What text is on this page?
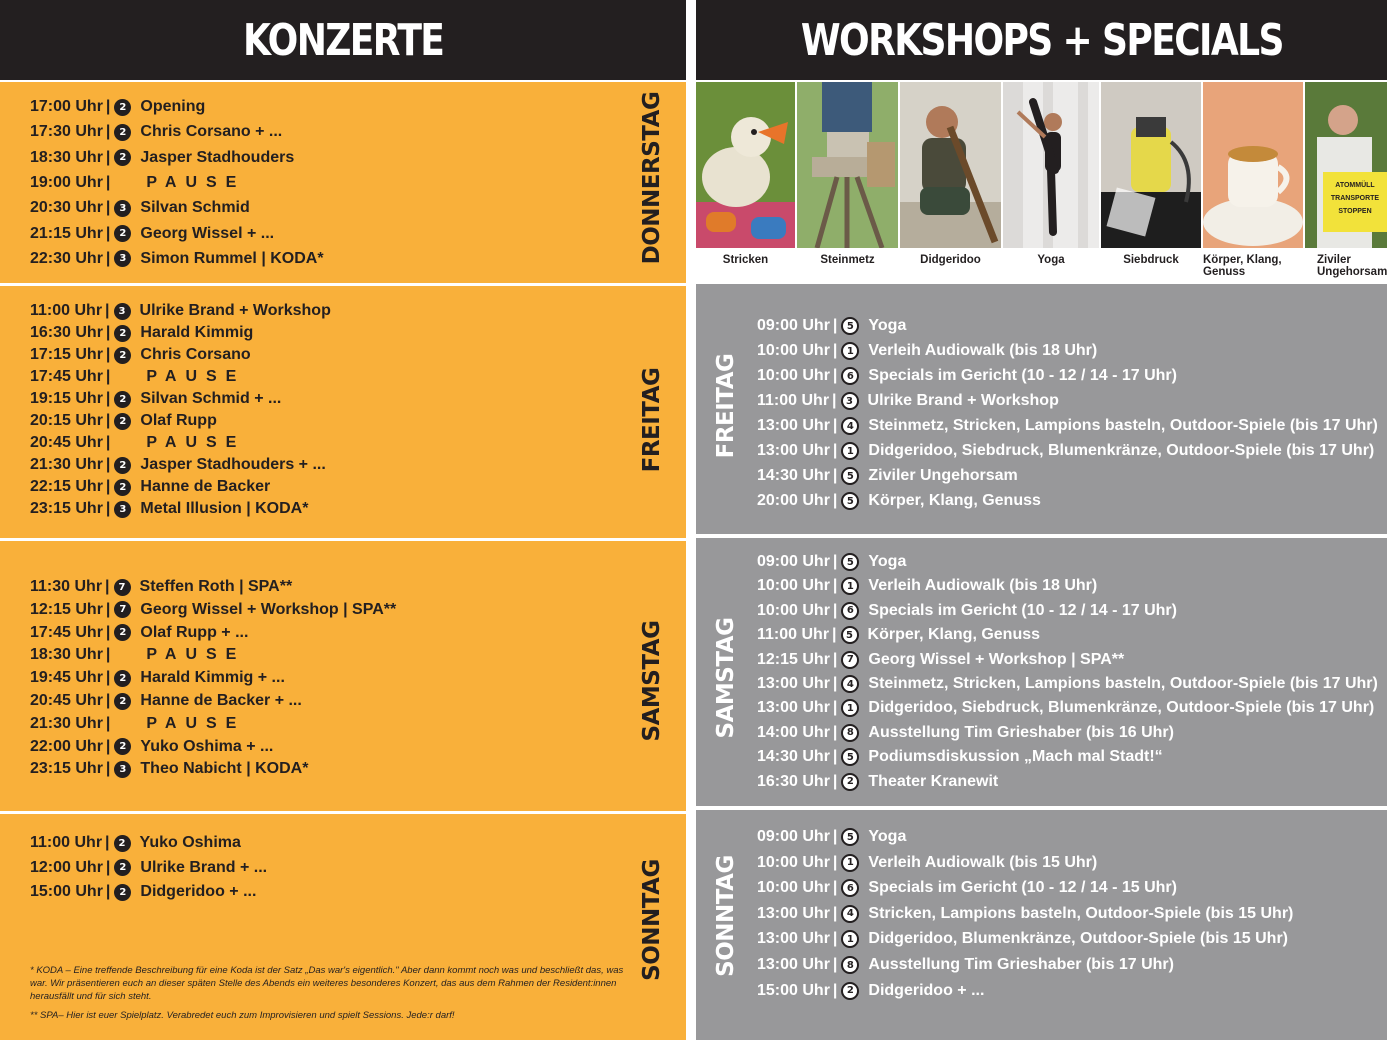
KONZERTE
DONNERSTAG
17:00 Uhr | 2 Opening
17:30 Uhr | 2 Chris Corsano + ...
18:30 Uhr | 2 Jasper Stadhouders
19:00 Uhr | PAUSE
20:30 Uhr | 3 Silvan Schmid
21:15 Uhr | 2 Georg Wissel + ...
22:30 Uhr | 3 Simon Rummel | KODA*
FREITAG
11:00 Uhr | 3 Ulrike Brand + Workshop
16:30 Uhr | 2 Harald Kimmig
17:15 Uhr | 2 Chris Corsano
17:45 Uhr | PAUSE
19:15 Uhr | 2 Silvan Schmid + ...
20:15 Uhr | 2 Olaf Rupp
20:45 Uhr | PAUSE
21:30 Uhr | 2 Jasper Stadhouders + ...
22:15 Uhr | 2 Hanne de Backer
23:15 Uhr | 3 Metal Illusion | KODA*
SAMSTAG
11:30 Uhr | 7 Steffen Roth | SPA**
12:15 Uhr | 7 Georg Wissel + Workshop | SPA**
17:45 Uhr | 2 Olaf Rupp + ...
18:30 Uhr | PAUSE
19:45 Uhr | 2 Harald Kimmig + ...
20:45 Uhr | 2 Hanne de Backer + ...
21:30 Uhr | PAUSE
22:00 Uhr | 2 Yuko Oshima + ...
23:15 Uhr | 3 Theo Nabicht | KODA*
SONNTAG
11:00 Uhr | 2 Yuko Oshima
12:00 Uhr | 2 Ulrike Brand + ...
15:00 Uhr | 2 Didgeridoo + ...
* KODA – Eine treffende Beschreibung für eine Koda ist der Satz „Das war's eigentlich." Aber dann kommt noch was und beschließt das, was war. Wir präsentieren euch an dieser späten Stelle des Abends ein weiteres besonderes Konzert, das aus dem Rahmen der Resident:innen herausfällt und für sich steht.
** SPA– Hier ist euer Spielplatz. Verabredet euch zum Improvisieren und spielt Sessions. Jede:r darf!
WORKSHOPS + SPECIALS
Stricken	Steinmetz	Didgeridoo	Yoga	Siebdruck	Körper, Klang, Genuss
ATOMMÜLL
TRANSPORTE
STOPPEN
Ziviler Ungehorsam
FREITAG
09:00 Uhr | 5 Yoga
10:00 Uhr | 1 Verleih Audiowalk (bis 18 Uhr)
10:00 Uhr | 6 Specials im Gericht (10 - 12 / 14 - 17 Uhr)
11:00 Uhr | 3 Ulrike Brand + Workshop
13:00 Uhr | 4 Steinmetz, Stricken, Lampions basteln, Outdoor-Spiele (bis 17 Uhr)
13:00 Uhr | 1 Didgeridoo, Siebdruck, Blumenkränze, Outdoor-Spiele (bis 17 Uhr)
14:30 Uhr | 5 Ziviler Ungehorsam
20:00 Uhr | 5 Körper, Klang, Genuss
SAMSTAG
09:00 Uhr | 5 Yoga
10:00 Uhr | 1 Verleih Audiowalk (bis 18 Uhr)
10:00 Uhr | 6 Specials im Gericht (10 - 12 / 14 - 17 Uhr)
11:00 Uhr | 5 Körper, Klang, Genuss
12:15 Uhr | 7 Georg Wissel + Workshop | SPA**
13:00 Uhr | 4 Steinmetz, Stricken, Lampions basteln, Outdoor-Spiele (bis 17 Uhr)
13:00 Uhr | 1 Didgeridoo, Siebdruck, Blumenkränze, Outdoor-Spiele (bis 17 Uhr)
14:00 Uhr | 8 Ausstellung Tim Grieshaber (bis 16 Uhr)
14:30 Uhr | 5 Podiumsdiskussion „Mach mal Stadt!“
16:30 Uhr | 2 Theater Kranewit
SONNTAG
09:00 Uhr | 5 Yoga
10:00 Uhr | 1 Verleih Audiowalk (bis 15 Uhr)
10:00 Uhr | 6 Specials im Gericht (10 - 12 / 14 - 15 Uhr)
13:00 Uhr | 4 Stricken, Lampions basteln, Outdoor-Spiele (bis 15 Uhr)
13:00 Uhr | 1 Didgeridoo, Blumenkränze, Outdoor-Spiele (bis 15 Uhr)
13:00 Uhr | 8 Ausstellung Tim Grieshaber (bis 17 Uhr)
15:00 Uhr | 2 Didgeridoo + ...
